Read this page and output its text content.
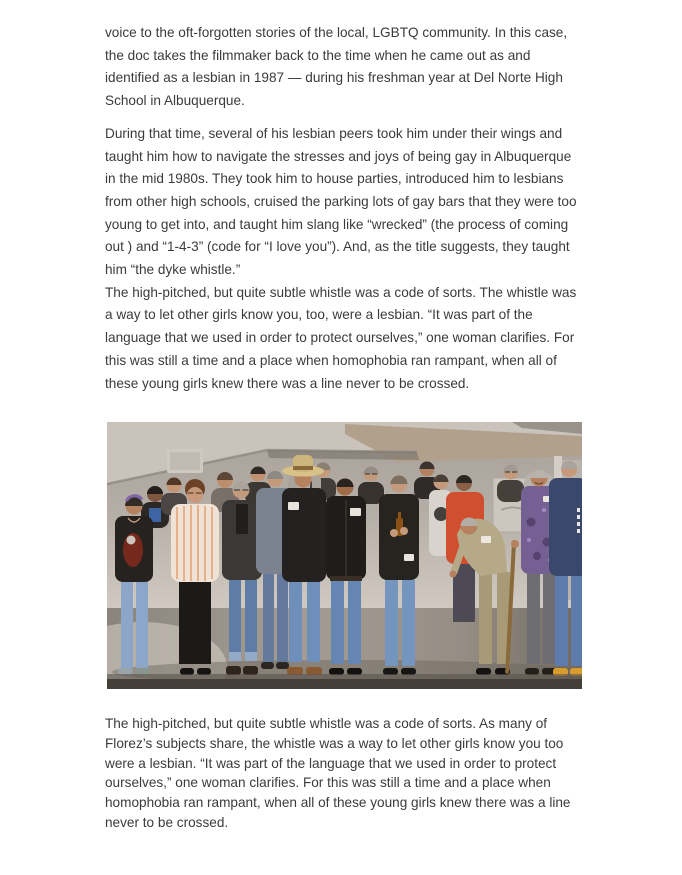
voice to the oft-forgotten stories of the local, LGBTQ community. In this case, the doc takes the filmmaker back to the time when he came out as and identified as a lesbian in 1987 — during his freshman year at Del Norte High School in Albuquerque.

During that time, several of his lesbian peers took him under their wings and taught him how to navigate the stresses and joys of being gay in Albuquerque in the mid 1980s. They took him to house parties, introduced him to lesbians from other high schools, cruised the parking lots of gay bars that they were too young to get into, and taught him slang like “wrecked” (the process of coming out ) and “1-4-3” (code for “I love you”). And, as the title suggests, they taught him “the dyke whistle.”

The high-pitched, but quite subtle whistle was a code of sorts. The whistle was a way to let other girls know you, too, were a lesbian. “It was part of the language that we used in order to protect ourselves,” one woman clarifies. For this was still a time and a place when homophobia ran rampant, when all of these young girls knew there was a line never to be crossed.

The high-pitched, but quite subtle whistle was a code of sorts. As many of Florez’s subjects share, the whistle was a way to let other girls know you too were a lesbian. “It was part of the language that we used in order to protect ourselves,” one woman clarifies. For this was still a time and a place when homophobia ran rampant, when all of these young girls knew there was a line never to be crossed.
